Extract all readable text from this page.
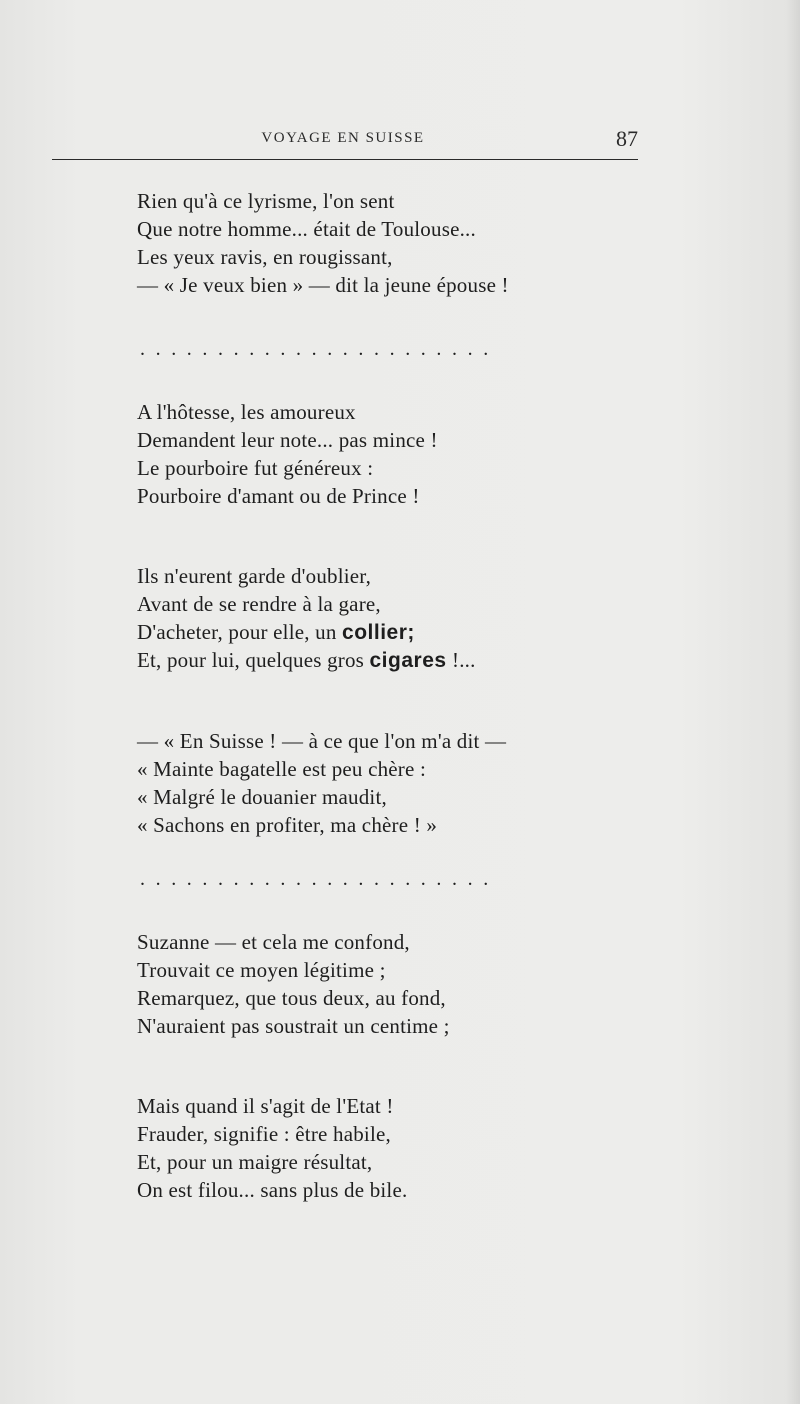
VOYAGE EN SUISSE	87
Rien qu'à ce lyrisme, l'on sent
Que notre homme... était de Toulouse...
Les yeux ravis, en rougissant,
— « Je veux bien » — dit la jeune épouse !
.......................
A l'hôtesse, les amoureux
Demandent leur note... pas mince !
Le pourboire fut généreux :
Pourboire d'amant ou de Prince !
Ils n'eurent garde d'oublier,
Avant de se rendre à la gare,
D'acheter, pour elle, un collier;
Et, pour lui, quelques gros cigares !...
— « En Suisse ! — à ce que l'on m'a dit —
« Mainte bagatelle est peu chère :
« Malgré le douanier maudit,
« Sachons en profiter, ma chère ! »
.......................
Suzanne — et cela me confond,
Trouvait ce moyen légitime ;
Remarquez, que tous deux, au fond,
N'auraient pas soustrait un centime ;
Mais quand il s'agit de l'Etat !
Frauder, signifie : être habile,
Et, pour un maigre résultat,
On est filou... sans plus de bile.
